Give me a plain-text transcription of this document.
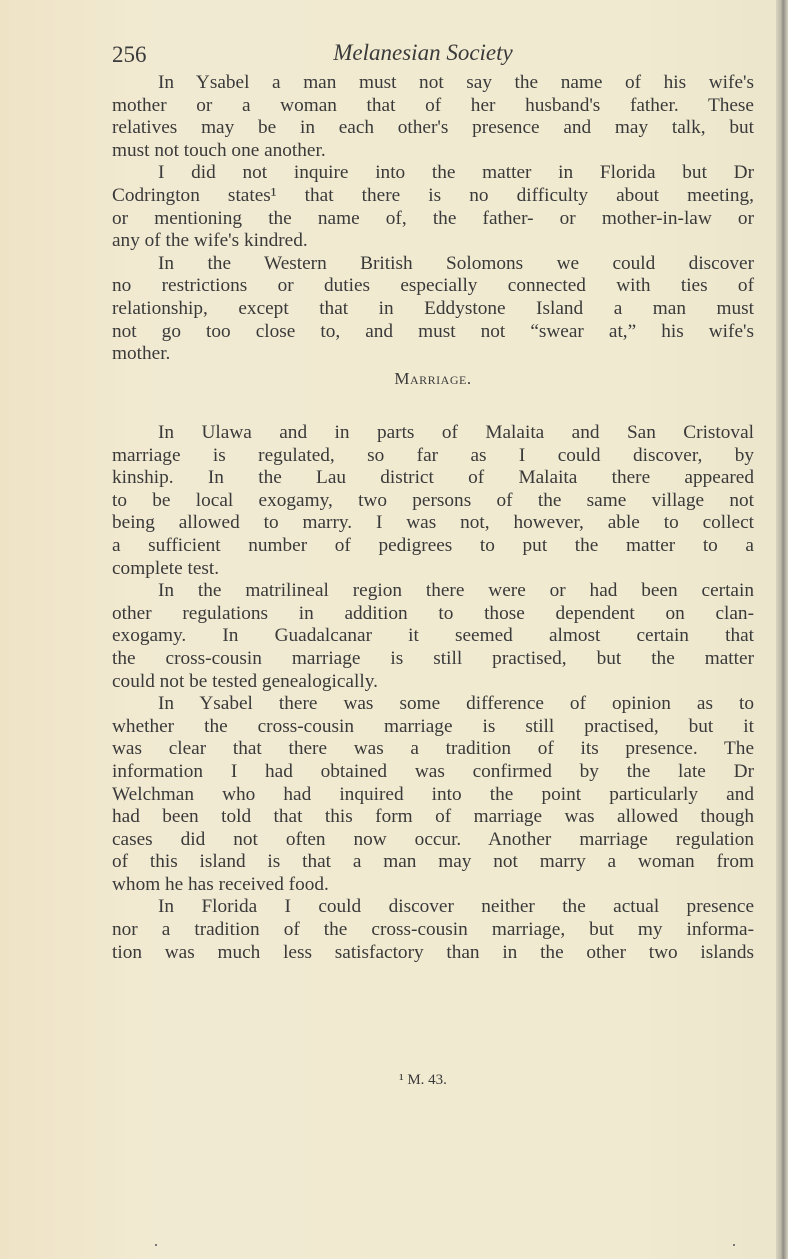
256	Melanesian Society
In Ysabel a man must not say the name of his wife's
mother or a woman that of her husband's father. These
relatives may be in each other's presence and may talk, but
must not touch one another.
I did not inquire into the matter in Florida but Dr
Codrington states¹ that there is no difficulty about meeting,
or mentioning the name of, the father- or mother-in-law or
any of the wife's kindred.
In the Western British Solomons we could discover
no restrictions or duties especially connected with ties of
relationship, except that in Eddystone Island a man must
not go too close to, and must not “swear at,” his wife's
mother.
Marriage.
In Ulawa and in parts of Malaita and San Cristoval
marriage is regulated, so far as I could discover, by
kinship. In the Lau district of Malaita there appeared
to be local exogamy, two persons of the same village not
being allowed to marry. I was not, however, able to collect
a sufficient number of pedigrees to put the matter to a
complete test.
In the matrilineal region there were or had been certain
other regulations in addition to those dependent on clan-
exogamy. In Guadalcanar it seemed almost certain that
the cross-cousin marriage is still practised, but the matter
could not be tested genealogically.
In Ysabel there was some difference of opinion as to
whether the cross-cousin marriage is still practised, but it
was clear that there was a tradition of its presence. The
information I had obtained was confirmed by the late Dr
Welchman who had inquired into the point particularly and
had been told that this form of marriage was allowed though
cases did not often now occur. Another marriage regulation
of this island is that a man may not marry a woman from
whom he has received food.
In Florida I could discover neither the actual presence
nor a tradition of the cross-cousin marriage, but my informa-
tion was much less satisfactory than in the other two islands
¹ M. 43.
